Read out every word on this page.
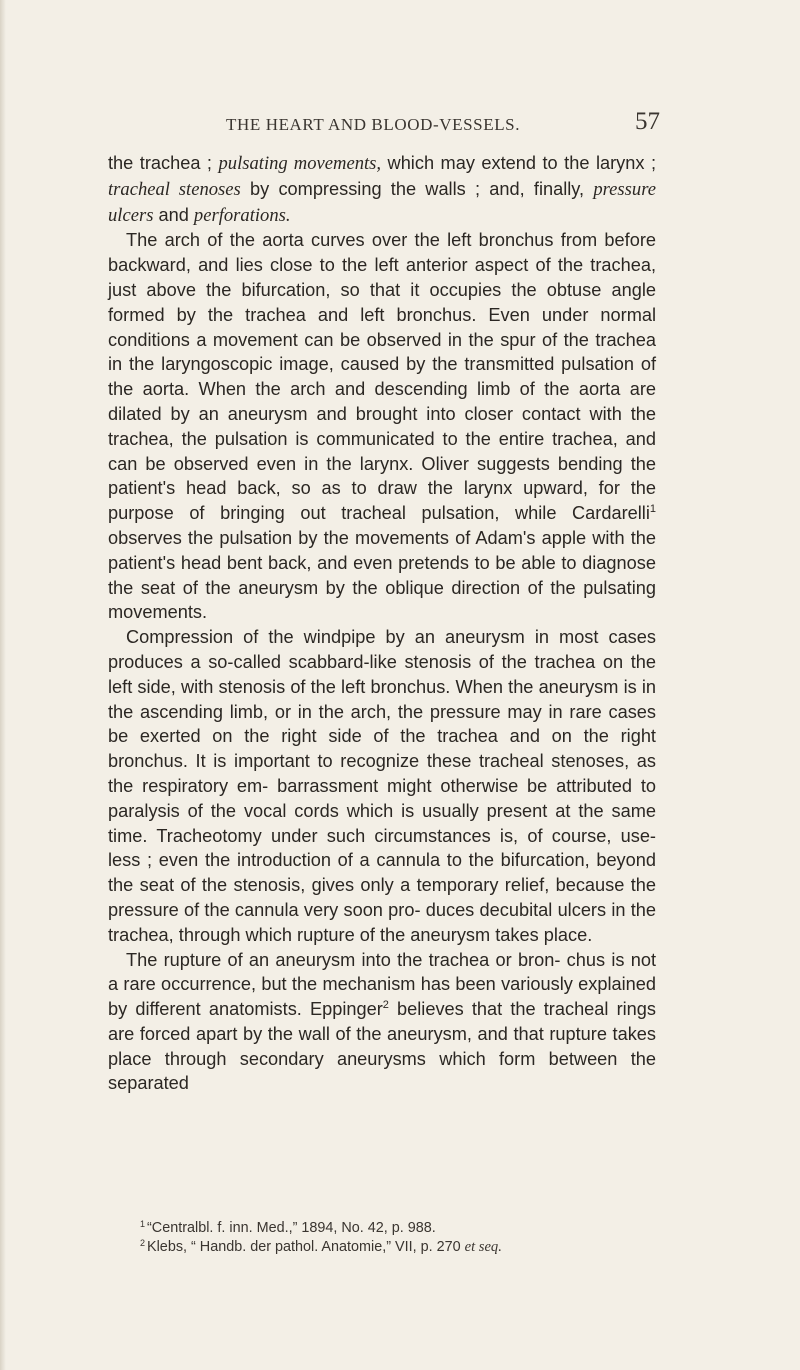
THE HEART AND BLOOD-VESSELS.	57

the trachea ; pulsating movements, which may extend to the larynx ; tracheal stenoses by compressing the walls ; and, finally, pressure ulcers and perforations.

The arch of the aorta curves over the left bronchus from before backward, and lies close to the left anterior aspect of the trachea, just above the bifurcation, so that it occupies the obtuse angle formed by the trachea and left bronchus. Even under normal conditions a movement can be observed in the spur of the trachea in the laryngoscopic image, caused by the transmitted pulsation of the aorta. When the arch and descending limb of the aorta are dilated by an aneurysm and brought into closer contact with the trachea, the pulsation is communicated to the entire trachea, and can be observed even in the larynx. Oliver suggests bending the patient's head back, so as to draw the larynx upward, for the purpose of bringing out tracheal pulsation, while Cardarelli$^1$ observes the pulsation by the movements of Adam's apple with the patient's head bent back, and even pretends to be able to diagnose the seat of the aneurysm by the oblique direction of the pulsating movements.

Compression of the windpipe by an aneurysm in most cases produces a so-called scabbard-like stenosis of the trachea on the left side, with stenosis of the left bronchus. When the aneurysm is in the ascending limb, or in the arch, the pressure may in rare cases be exerted on the right side of the trachea and on the right bronchus. It is important to recognize these tracheal stenoses, as the respiratory em- barrassment might otherwise be attributed to paralysis of the vocal cords which is usually present at the same time. Tracheotomy under such circumstances is, of course, use- less ; even the introduction of a cannula to the bifurcation, beyond the seat of the stenosis, gives only a temporary relief, because the pressure of the cannula very soon pro- duces decubital ulcers in the trachea, through which rupture of the aneurysm takes place.

The rupture of an aneurysm into the trachea or bron- chus is not a rare occurrence, but the mechanism has been variously explained by different anatomists. Eppinger$^2$ believes that the tracheal rings are forced apart by the wall of the aneurysm, and that rupture takes place through secondary aneurysms which form between the separated

$^1$ “Centralbl. f. inn. Med.,” 1894, No. 42, p. 988.
$^2$ Klebs, “ Handb. der pathol. Anatomie,” VII, p. 270 et seq.
